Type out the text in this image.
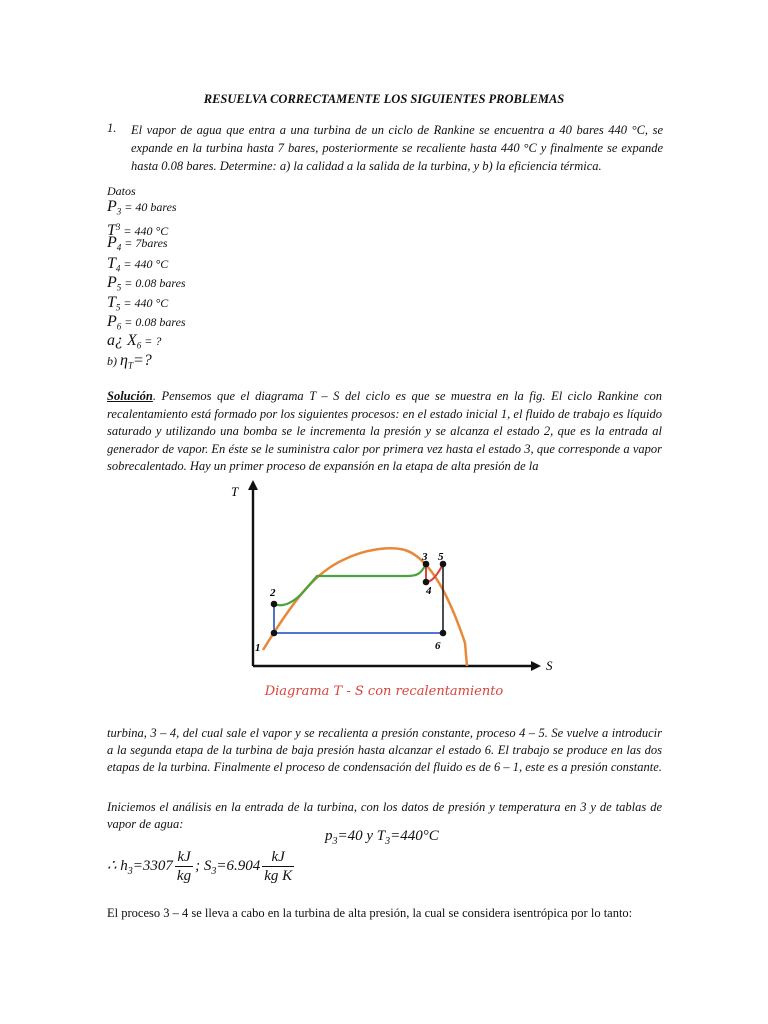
RESUELVA CORRECTAMENTE LOS SIGUIENTES PROBLEMAS
1. El vapor de agua que entra a una turbina de un ciclo de Rankine se encuentra a 40 bares 440 °C, se expande en la turbina hasta 7 bares, posteriormente se recaliente hasta 440 °C y finalmente se expande hasta 0.08 bares. Determine: a) la calidad a la salida de la turbina, y b) la eficiencia térmica.
Datos
$P_3 = 40$ bares
$T^3 = 440$ °C
$P_4$ = 7bares
$T_4 = 440$ °C
$P_5 = 0.08$ bares
$T_5 = 440$ °C
$P_6 = 0.08$ bares
a¿ $X_6$ = ?
b) $\eta_T=$?
Solución. Pensemos que el diagrama T – S del ciclo es que se muestra en la fig. El ciclo Rankine con recalentamiento está formado por los siguientes procesos: en el estado inicial 1, el fluido de trabajo es líquido saturado y utilizando una bomba se le incrementa la presión y se alcanza el estado 2, que es la entrada al generador de vapor. En éste se le suministra calor por primera vez hasta el estado 3, que corresponde a vapor sobrecalentado. Hay un primer proceso de expansión en la etapa de alta presión de la
T
S
1
2
3
4
5
6
Diagrama T - S con recalentamiento
turbina, 3 – 4, del cual sale el vapor y se recalienta a presión constante, proceso 4 – 5. Se vuelve a introducir a la segunda etapa de la turbina de baja presión hasta alcanzar el estado 6. El trabajo se produce en las dos etapas de la turbina. Finalmente el proceso de condensación del fluido es de 6 – 1, este es a presión constante.
Iniciemos el análisis en la entrada de la turbina, con los datos de presión y temperatura en 3 y de tablas de vapor de agua:
$p_3=40$ y $T_3=440^\circ C$
∴ $h_3=3307 \frac{kJ}{kg}$ ; $S_3=6.904 \frac{kJ}{\text{kg K}}$
El proceso 3 – 4 se lleva a cabo en la turbina de alta presión, la cual se considera isentrópica por lo tanto:
